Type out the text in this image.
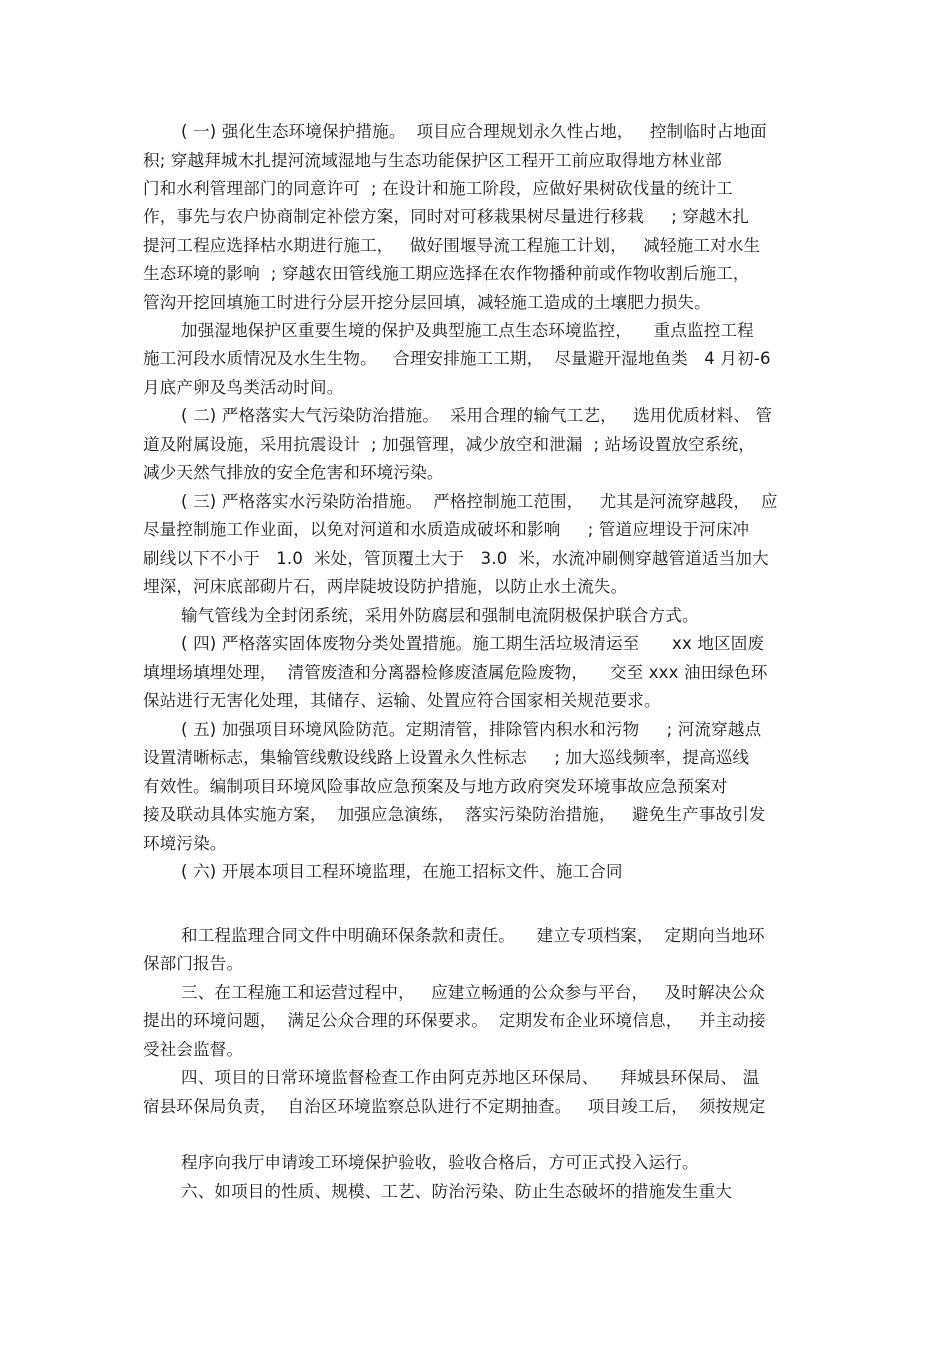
( 一) 强化生态环境保护措施。  项目应合理规划永久性占地，   控制临时占地面
积; 穿越拜城木扎提河流域湿地与生态功能保护区工程开工前应取得地方林业部
门和水利管理部门的同意许可  ; 在设计和施工阶段，应做好果树砍伐量的统计工
作，事先与农户协商制定补偿方案，同时对可移栽果树尽量进行移栽     ; 穿越木扎
提河工程应选择枯水期进行施工，   做好围堰导流工程施工计划，   减轻施工对水生
生态环境的影响  ; 穿越农田管线施工期应选择在农作物播种前或作物收割后施工，
管沟开挖回填施工时进行分层开挖分层回填，减轻施工造成的土壤肥力损失。
加强湿地保护区重要生境的保护及典型施工点生态环境监控，    重点监控工程
施工河段水质情况及水生生物。   合理安排施工工期，  尽量避开湿地鱼类   4 月初-6
月底产卵及鸟类活动时间。
( 二) 严格落实大气污染防治措施。  采用合理的输气工艺，   选用优质材料、 管
道及附属设施，采用抗震设计  ; 加强管理，减少放空和泄漏  ; 站场设置放空系统，
减少天然气排放的安全危害和环境污染。
( 三) 严格落实水污染防治措施。  严格控制施工范围，   尤其是河流穿越段，  应
尽量控制施工作业面，以免对河道和水质造成破坏和影响     ; 管道应埋设于河床冲
刷线以下不小于   1.0  米处，管顶覆土大于   3.0  米，水流冲刷侧穿越管道适当加大
埋深，河床底部砌片石，两岸陡坡设防护措施，以防止水土流失。
输气管线为全封闭系统，采用外防腐层和强制电流阴极保护联合方式。
( 四) 严格落实固体废物分类处置措施。施工期生活垃圾清运至      xx 地区固废
填埋场填埋处理，  清管废渣和分离器检修废渣属危险废物，    交至 xxx 油田绿色环
保站进行无害化处理，其储存、运输、处置应符合国家相关规范要求。
( 五) 加强项目环境风险防范。定期清管，排除管内积水和污物     ; 河流穿越点
设置清晰标志，集输管线敷设线路上设置永久性标志     ; 加大巡线频率，提高巡线
有效性。编制项目环境风险事故应急预案及与地方政府突发环境事故应急预案对
接及联动具体实施方案，  加强应急演练，  落实污染防治措施，   避免生产事故引发
环境污染。
( 六) 开展本项目工程环境监理，在施工招标文件、施工合同
和工程监理合同文件中明确环保条款和责任。    建立专项档案，  定期向当地环
保部门报告。
三、在工程施工和运营过程中，   应建立畅通的公众参与平台，   及时解决公众
提出的环境问题，  满足公众合理的环保要求。  定期发布企业环境信息，   并主动接
受社会监督。
四、项目的日常环境监督检查工作由阿克苏地区环保局、    拜城县环保局、 温
宿县环保局负责，  自治区环境监察总队进行不定期抽查。   项目竣工后，  须按规定
程序向我厅申请竣工环境保护验收，验收合格后，方可正式投入运行。
六、如项目的性质、规模、工艺、防治污染、防止生态破坏的措施发生重大
